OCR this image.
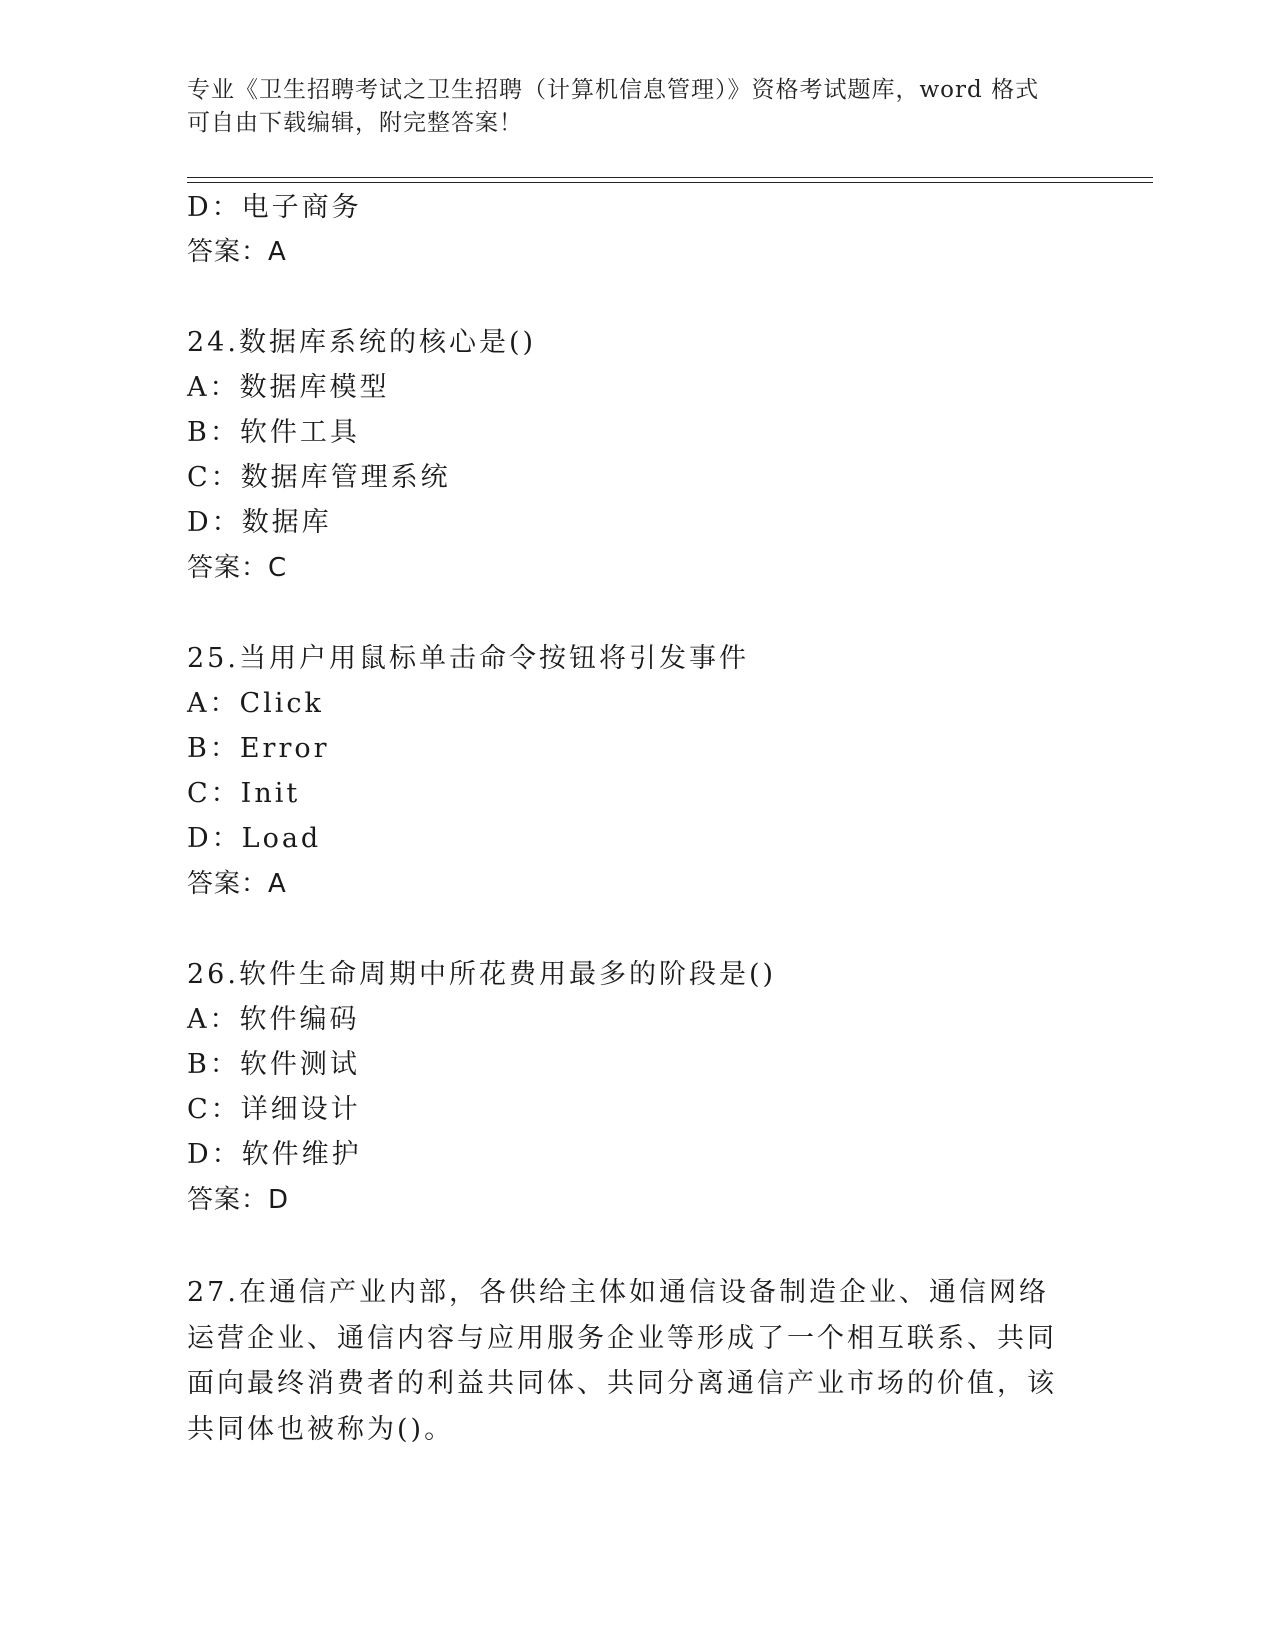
专业《卫生招聘考试之卫生招聘（计算机信息管理）》资格考试题库，word 格式
可自由下载编辑，附完整答案！
D：电子商务
答案：A
24.数据库系统的核心是()
A：数据库模型
B：软件工具
C：数据库管理系统
D：数据库
答案：C
25.当用户用鼠标单击命令按钮将引发事件
A：Click
B：Error
C：Init
D：Load
答案：A
26.软件生命周期中所花费用最多的阶段是()
A：软件编码
B：软件测试
C：详细设计
D：软件维护
答案：D
27.在通信产业内部，各供给主体如通信设备制造企业、通信网络运营企业、通信内容与应用服务企业等形成了一个相互联系、共同面向最终消费者的利益共同体、共同分离通信产业市场的价值，该共同体也被称为()。
